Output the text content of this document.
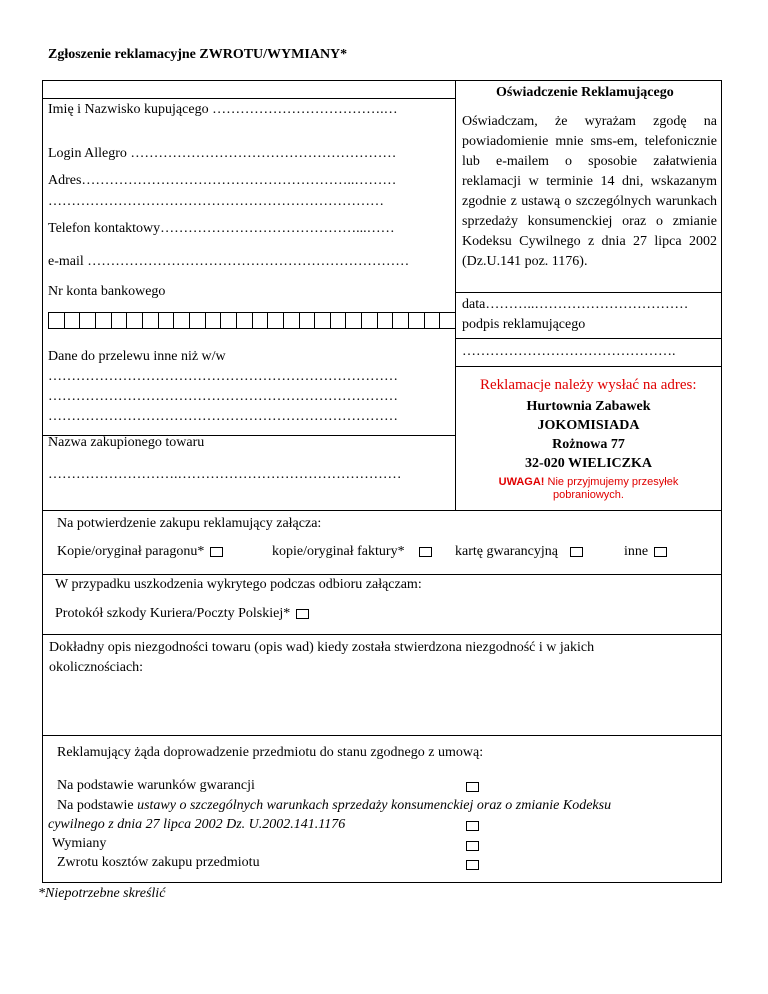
Zgłoszenie reklamacyjne ZWROTU/WYMIANY*
Imię i Nazwisko kupującego ……………………………….…
Login Allegro …………………………………………………
Adres…………………………………………………..………
………………………………………………………………
Telefon kontaktowy……………………………………...……
e-mail ……………………………………………………………
Nr konta bankowego
Dane do przelewu inne niż w/w
…………………………………………………………………
…………………………………………………………………
…………………………………………………………………
Nazwa zakupionego towaru
……………………….…………………………………………
Oświadczenie Reklamującego
Oświadczam, że wyrażam zgodę na powiadomienie mnie sms-em, telefonicznie lub e-mailem o sposobie załatwienia reklamacji w terminie 14 dni, wskazanym zgodnie z ustawą o szczególnych warunkach sprzedaży konsumenckiej oraz o zmianie Kodeksu Cywilnego z dnia 27 lipca 2002 (Dz.U.141 poz. 1176).
data………..……………………………
podpis reklamującego
……………………………………….
Reklamacje należy wysłać na adres:
Hurtownia Zabawek
JOKOMISIADA
Rożnowa 77
32-020 WIELICZKA
UWAGA! Nie przyjmujemy przesyłek
pobraniowych.
Na potwierdzenie zakupu reklamujący załącza:
Kopie/oryginał paragonu*	kopie/oryginał faktury*	kartę gwarancyjną	inne
W przypadku uszkodzenia wykrytego podczas odbioru załączam:
Protokół szkody Kuriera/Poczty Polskiej*
Dokładny opis niezgodności towaru (opis wad) kiedy została stwierdzona niezgodność i w jakich okolicznościach:
Reklamujący żąda doprowadzenie przedmiotu do stanu zgodnego z umową:
Na podstawie warunków gwarancji
Na podstawie ustawy o szczególnych warunkach sprzedaży konsumenckiej oraz o zmianie Kodeksu
cywilnego z dnia 27 lipca 2002 Dz. U.2002.141.1176
Wymiany
Zwrotu kosztów zakupu przedmiotu
*Niepotrzebne skreślić
